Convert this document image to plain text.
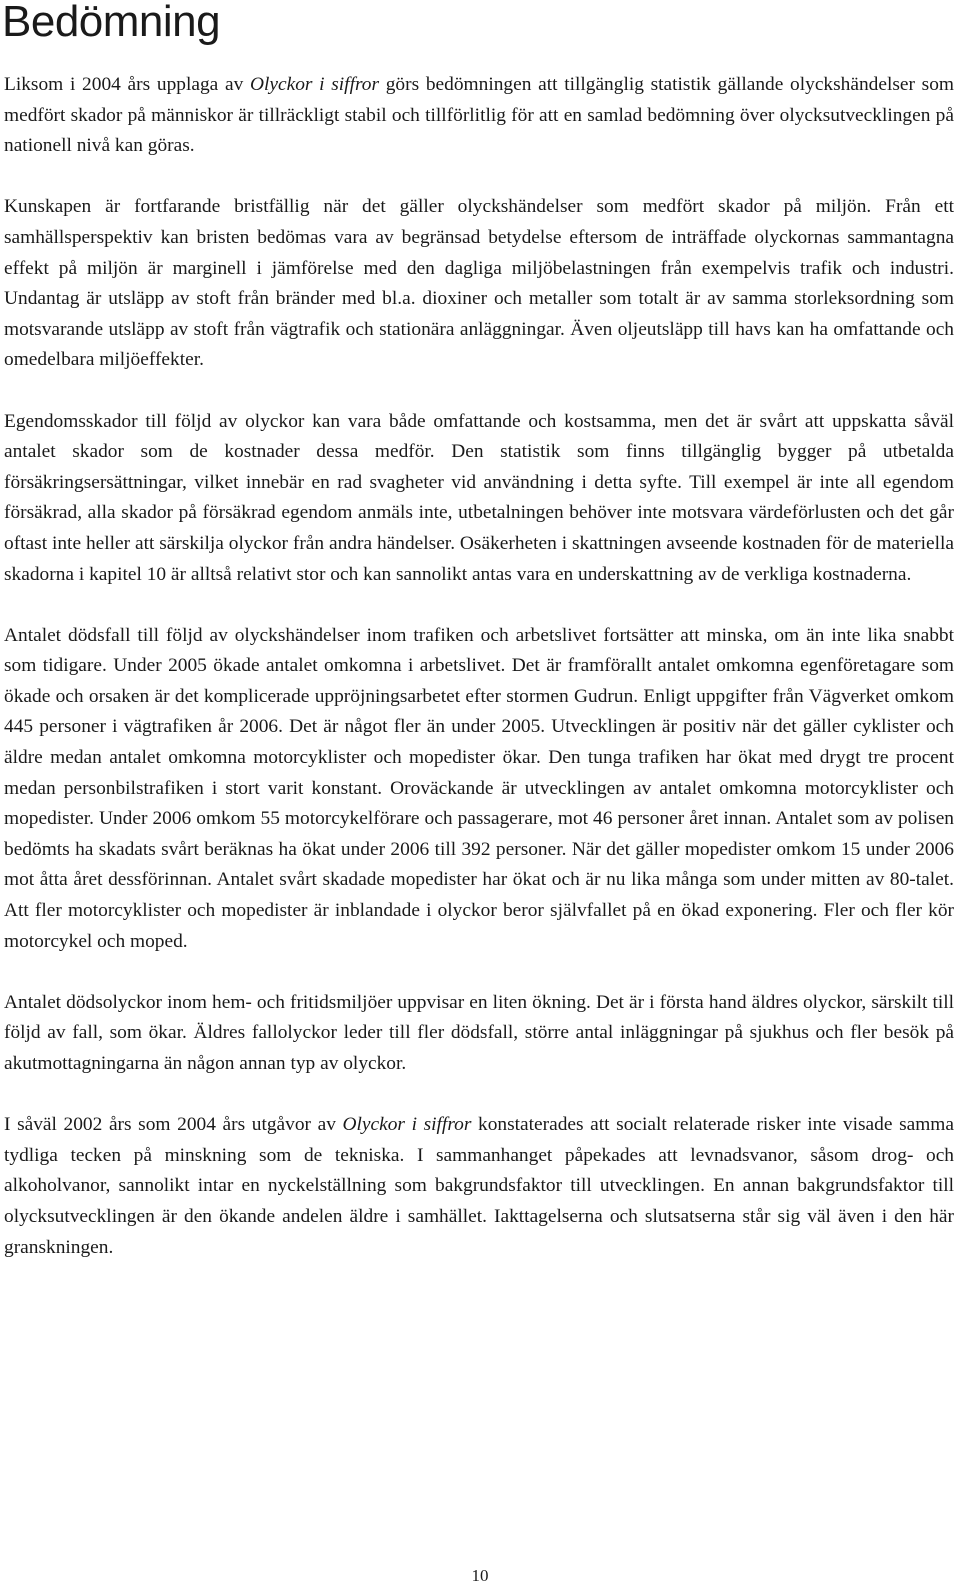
Bedömning

Liksom i 2004 års upplaga av Olyckor i siffror görs bedömningen att tillgänglig statistik gällande olyckshändelser som medfört skador på människor är tillräckligt stabil och tillförlitlig för att en samlad bedömning över olycksutvecklingen på nationell nivå kan göras.

Kunskapen är fortfarande bristfällig när det gäller olyckshändelser som medfört skador på miljön. Från ett samhällsperspektiv kan bristen bedömas vara av begränsad betydelse eftersom de inträffade olyckornas sammantagna effekt på miljön är marginell i jämförelse med den dagliga miljöbelastningen från exempelvis trafik och industri. Undantag är utsläpp av stoft från bränder med bl.a. dioxiner och metaller som totalt är av samma storleksordning som motsvarande utsläpp av stoft från vägtrafik och stationära anläggningar. Även oljeutsläpp till havs kan ha omfattande och omedelbara miljöeffekter.

Egendomsskador till följd av olyckor kan vara både omfattande och kostsamma, men det är svårt att uppskatta såväl antalet skador som de kostnader dessa medför. Den statistik som finns tillgänglig bygger på utbetalda försäkringsersättningar, vilket innebär en rad svagheter vid användning i detta syfte. Till exempel är inte all egendom försäkrad, alla skador på försäkrad egendom anmäls inte, utbetalningen behöver inte motsvara värdeförlusten och det går oftast inte heller att särskilja olyckor från andra händelser. Osäkerheten i skattningen avseende kostnaden för de materiella skadorna i kapitel 10 är alltså relativt stor och kan sannolikt antas vara en underskattning av de verkliga kostnaderna.

Antalet dödsfall till följd av olyckshändelser inom trafiken och arbetslivet fortsätter att minska, om än inte lika snabbt som tidigare. Under 2005 ökade antalet omkomna i arbetslivet. Det är framförallt antalet omkomna egenföretagare som ökade och orsaken är det komplicerade uppröjningsarbetet efter stormen Gudrun. Enligt uppgifter från Vägverket omkom 445 personer i vägtrafiken år 2006. Det är något fler än under 2005. Utvecklingen är positiv när det gäller cyklister och äldre medan antalet omkomna motorcyklister och mopedister ökar. Den tunga trafiken har ökat med drygt tre procent medan personbilstrafiken i stort varit konstant. Oroväckande är utvecklingen av antalet omkomna motorcyklister och mopedister. Under 2006 omkom 55 motorcykelförare och passagerare, mot 46 personer året innan. Antalet som av polisen bedömts ha skadats svårt beräknas ha ökat under 2006 till 392 personer. När det gäller mopedister omkom 15 under 2006 mot åtta året dessförinnan. Antalet svårt skadade mopedister har ökat och är nu lika många som under mitten av 80-talet. Att fler motorcyklister och mopedister är inblandade i olyckor beror självfallet på en ökad exponering. Fler och fler kör motorcykel och moped.

Antalet dödsolyckor inom hem- och fritidsmiljöer uppvisar en liten ökning. Det är i första hand äldres olyckor, särskilt till följd av fall, som ökar. Äldres fallolyckor leder till fler dödsfall, större antal inläggningar på sjukhus och fler besök på akutmottagningarna än någon annan typ av olyckor.

I såväl 2002 års som 2004 års utgåvor av Olyckor i siffror konstaterades att socialt relaterade risker inte visade samma tydliga tecken på minskning som de tekniska. I sammanhanget påpekades att levnadsvanor, såsom drog- och alkoholvanor, sannolikt intar en nyckelställning som bakgrundsfaktor till utvecklingen. En annan bakgrundsfaktor till olycksutvecklingen är den ökande andelen äldre i samhället. Iakttagelserna och slutsatserna står sig väl även i den här granskningen.

10
